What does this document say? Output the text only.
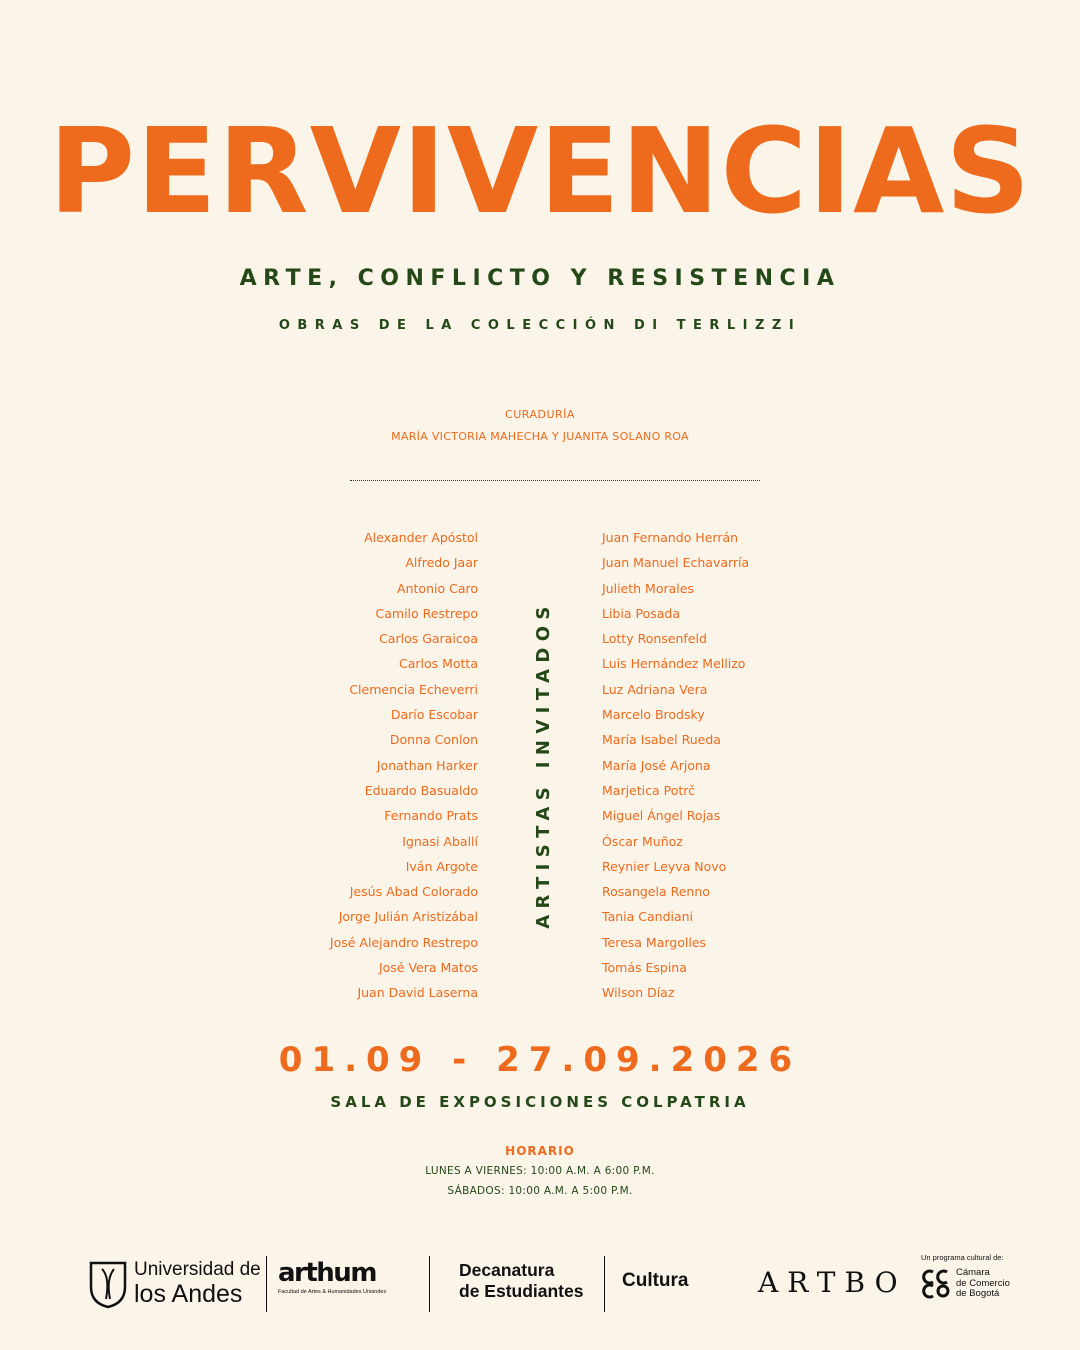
PERVIVENCIAS
ARTE, CONFLICTO Y RESISTENCIA
OBRAS DE LA COLECCIÓN DI TERLIZZI
CURADURÍA
MARÍA VICTORIA MAHECHA Y JUANITA SOLANO ROA
Alexander Apóstol
Alfredo Jaar
Antonio Caro
Camilo Restrepo
Carlos Garaicoa
Carlos Motta
Clemencia Echeverri
Darío Escobar
Donna Conlon
Jonathan Harker
Eduardo Basualdo
Fernando Prats
Ignasi Aballí
Iván Argote
Jesús Abad Colorado
Jorge Julián Aristizábal
José Alejandro Restrepo
José Vera Matos
Juan David Laserna
ARTISTAS INVITADOS
Juan Fernando Herrán
Juan Manuel Echavarría
Julieth Morales
Libia Posada
Lotty Ronsenfeld
Luis Hernández Mellizo
Luz Adriana Vera
Marcelo Brodsky
María Isabel Rueda
María José Arjona
Marjetica Potrč
Miguel Ángel Rojas
Óscar Muñoz
Reynier Leyva Novo
Rosangela Renno
Tania Candiani
Teresa Margolles
Tomás Espina
Wilson Díaz
01.09 - 27.09.2026
SALA DE EXPOSICIONES COLPATRIA
HORARIO
LUNES A VIERNES: 10:00 A.M. A 6:00 P.M.
SÁBADOS: 10:00 A.M. A 5:00 P.M.
Universidad de
los Andes
arthum
Facultad de Artes & Humanidades Uniandes
Decanatura
de Estudiantes Cultura ARTBO
Un programa cultural de:
Cámara
de Comercio
de Bogotá
